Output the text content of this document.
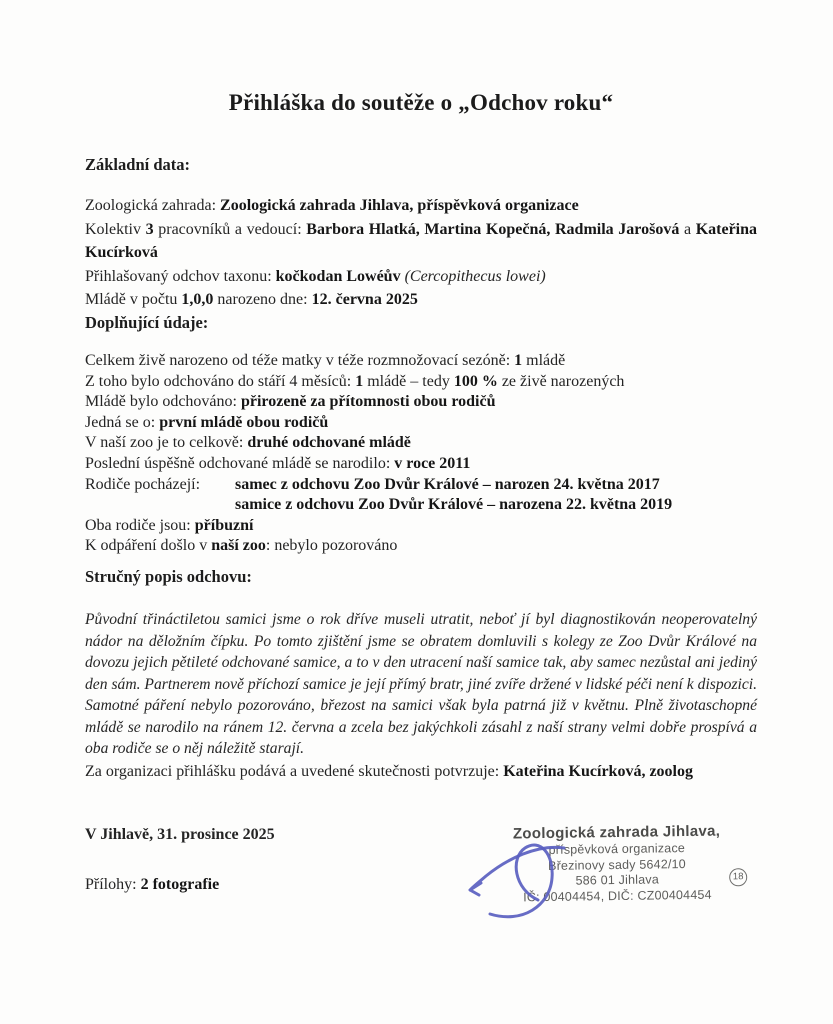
Přihláška do soutěže o „Odchov roku“
Základní data:
Zoologická zahrada: Zoologická zahrada Jihlava, příspěvková organizace
Kolektiv 3 pracovníků a vedoucí: Barbora Hlatká, Martina Kopečná, Radmila Jarošová a Kateřina Kucírková
Přihlašovaný odchov taxonu: kočkodan Lowéův (Cercopithecus lowei)
Mládě v počtu 1,0,0 narozeno dne: 12. června 2025
Doplňující údaje:
Celkem živě narozeno od téže matky v téže rozmnožovací sezóně: 1 mládě
Z toho bylo odchováno do stáří 4 měsíců: 1 mládě – tedy 100 % ze živě narozených
Mládě bylo odchováno: přirozeně za přítomnosti obou rodičů
Jedná se o: první mládě obou rodičů
V naší zoo je to celkově: druhé odchované mládě
Poslední úspěšně odchované mládě se narodilo: v roce 2011
Rodiče pocházejí:	samec z odchovu Zoo Dvůr Králové – narozen 24. května 2017
samice z odchovu Zoo Dvůr Králové – narozena 22. května 2019
Oba rodiče jsou: příbuzní
K odpáření došlo v naší zoo: nebylo pozorováno
Stručný popis odchovu:
Původní třináctiletou samici jsme o rok dříve museli utratit, neboť jí byl diagnostikován neoperovatelný nádor na děložním čípku. Po tomto zjištění jsme se obratem domluvili s kolegy ze Zoo Dvůr Králové na dovozu jejich pětileté odchované samice, a to v den utracení naší samice tak, aby samec nezůstal ani jediný den sám. Partnerem nově příchozí samice je její přímý bratr, jiné zvíře držené v lidské péči není k dispozici. Samotné páření nebylo pozorováno, březost na samici však byla patrná již v květnu. Plně životaschopné mládě se narodilo na ránem 12. června a zcela bez jakýchkoli zásahl z naší strany velmi dobře prospívá a oba rodiče se o něj náležitě starají.
Za organizaci přihlášku podává a uvedené skutečnosti potvrzuje: Kateřina Kucírková, zoolog
V Jihlavě, 31. prosince 2025
Přílohy: 2 fotografie
Zoologická zahrada Jihlava,
příspěvková organizace
Březinovy sady 5642/10
586 01 Jihlava
IČ: 00404454, DIČ: CZ00404454
18
